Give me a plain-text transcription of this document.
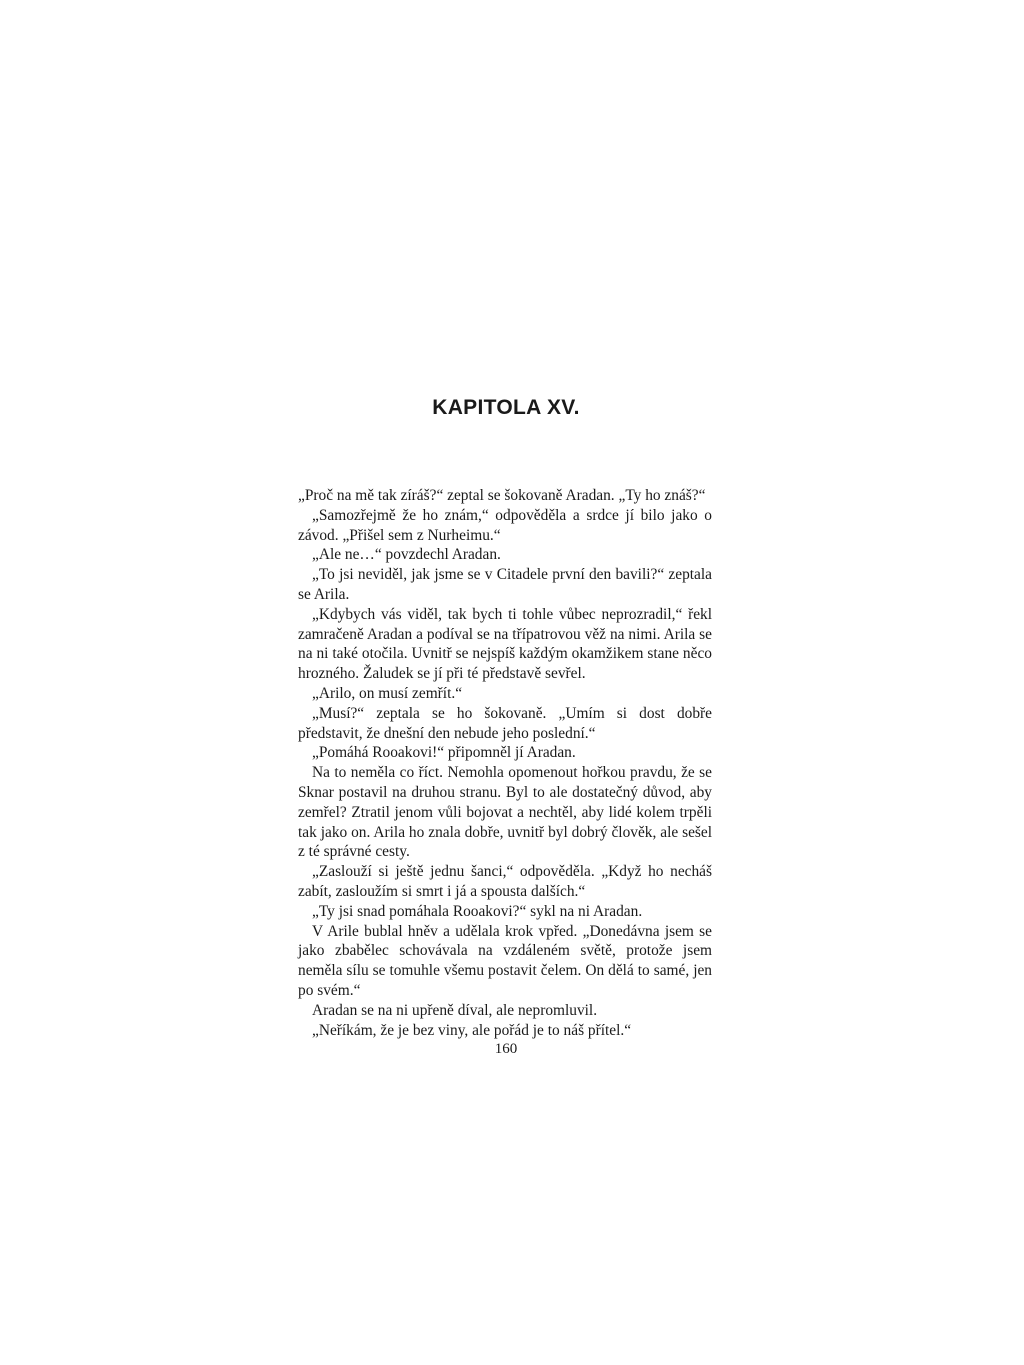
KAPITOLA XV.

„Proč na mě tak zíráš?“ zeptal se šokovaně Aradan. „Ty ho znáš?“

„Samozřejmě že ho znám,“ odpověděla a srdce jí bilo jako o závod. „Přišel sem z Nurheimu.“

„Ale ne…“ povzdechl Aradan.

„To jsi neviděl, jak jsme se v Citadele první den bavili?“ zeptala se Arila.

„Kdybych vás viděl, tak bych ti tohle vůbec neprozradil,“ řekl zamračeně Aradan a podíval se na třípatrovou věž na nimi. Arila se na ni také otočila. Uvnitř se nejspíš každým okamžikem stane něco hrozného. Žaludek se jí při té představě sevřel.

„Arilo, on musí zemřít.“

„Musí?“ zeptala se ho šokovaně. „Umím si dost dobře představit, že dnešní den nebude jeho poslední.“

„Pomáhá Rooakovi!“ připomněl jí Aradan.

Na to neměla co říct. Nemohla opomenout hořkou pravdu, že se Sknar postavil na druhou stranu. Byl to ale dostatečný důvod, aby zemřel? Ztratil jenom vůli bojovat a nechtěl, aby lidé kolem trpěli tak jako on. Arila ho znala dobře, uvnitř byl dobrý člověk, ale sešel z té správné cesty.

„Zaslouží si ještě jednu šanci,“ odpověděla. „Když ho necháš zabít, zasloužím si smrt i já a spousta dalších.“

„Ty jsi snad pomáhala Rooakovi?“ sykl na ni Aradan.

V Arile bublal hněv a udělala krok vpřed. „Donedávna jsem se jako zbabělec schovávala na vzdáleném světě, protože jsem neměla sílu se tomuhle všemu postavit čelem. On dělá to samé, jen po svém.“

Aradan se na ni upřeně díval, ale nepromluvil.

„Neříkám, že je bez viny, ale pořád je to náš přítel.“

160
